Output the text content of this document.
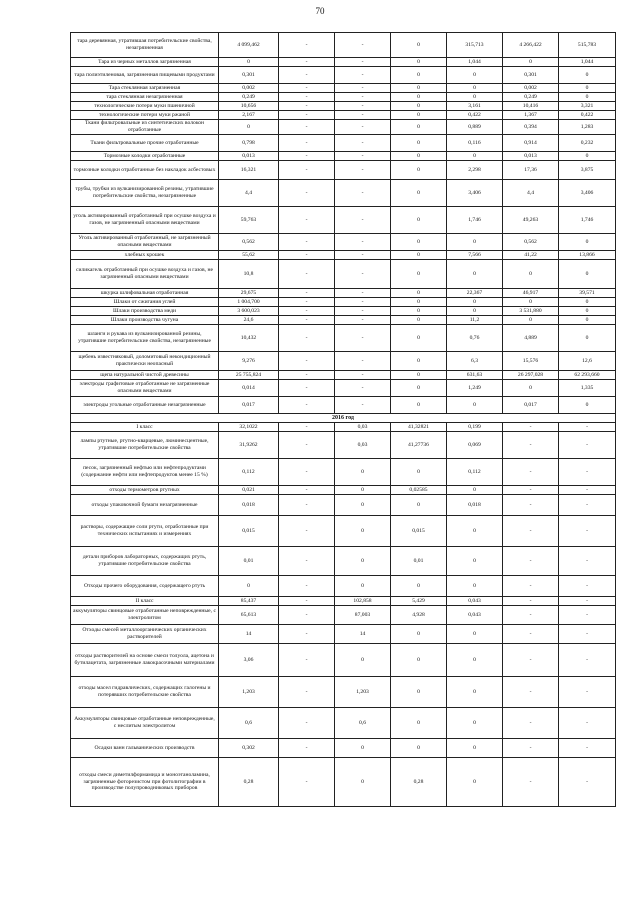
70
тара деревянная, утратившая потребительские свойства, незагрязненная	4 099,462	-	-	0	315,713	4 266,422	515,783
Тара из черных металлов загрязненная	0	-	-	0	1,044	0	1,044
тара полиэтиленовая, загрязненная пищевыми продуктами	0,301	-	-	0	0	0,301	0
Тара стеклянная загрязненная	0,002	-	-	0	0	0,002	0
тара стеклянная незагрязненная	0,249	-	-	0	0	0,249	0
технологические потери муки пшеничной	10,656	-	-	0	3,161	10,416	3,321
технологические потери муки ржаной	2,167	-	-	0	0,422	1,367	0,422
Ткани фильтровальные из синтетических волокон отработанные	0	-	-	0	0,889	0,394	1,283
Ткани фильтровальные прочие отработанные	0,798	-	-	0	0,116	0,914	0,232
Тормозные колодки отработанные	0,013	-	-	0	0	0,013	0
тормозные колодки отработанные без накладок асбестовых	16,321	-	-	0	2,298	17,36	3,875
трубы, трубки из вулканизированной резины, утратившие потребительские свойства, незагрязненные	4,4	-	-	0	3,406	4,4	3,406
уголь активированный отработанный при осушке воздуха и газов, не загрязненный опасными веществами	59,763	-	-	0	1,746	49,263	1,746
Уголь активированный отработанный, не загрязненный опасными веществами	0,562	-	-	0	0	0,562	0
хлебных крошек	55,62	-	-	0	7,566	41,22	13,866
силикагель отработанный при осушке воздуха и газов, не загрязненный опасными веществами	10,8	-	-	0	0	0	0
шкурка шлифовальная отработанная	29,675	-	-	0	22,367	46,917	39,571
Шлаки от сжигания углей	1 004,700	-	-	0	0	0	0
Шлаки производства меди	3 600,023	-	-	0	0	3 531,880	0
Шлаки производства чугуна	24,6	-	-	0	11,2	0	0
шланги и рукава из вулканизированной резины, утратившие потребительские свойства, незагрязненные	10,432	-	-	0	0,76	4,889	0
щебень известняковый, доломитовый некондиционный практически неопасный	9,276	-	-	0	6,3	15,576	12,6
щепа натуральной чистой древесины	25 755,824	-	-	0	631,63	26 297,028	62 293,660
электроды графитовые отработанные не загрязненные опасными веществами	0,014	-	-	0	1,249	0	1,335
электроды угольные отработанные незагрязненные	0,017	-	-	0	0	0,017	0
2016 год							
I класс	32,1022	-	0,03	41,32821	0,199	-	-
лампы ртутные, ртутно-кварцевые, люминесцентные, утратившие потребительские свойства	31,9262	-	0,03	41,27736	0,069	-	-
песок, загрязненный нефтью или нефтепродуктами (содержание нефти или нефтепродуктов менее 15 %)	0,112	-	0	0	0,112	-	-
отходы термометров ртутных	0,021	-	0	0,02585	0	-	-
отходы упаковочной бумаги незагрязненные	0,018	-	0	0	0,018	-	-
растворы, содержащие соли ртути, отработанные при технических испытаниях и измерениях	0,015	-	0	0,015	0	-	-
детали приборов лабораторных, содержащих ртуть, утратившие потребительские свойства	0,01	-	0	0,01	0	-	-
Отходы прочего оборудования, содержащего ртуть	0	-	0	0	0	-	-
II класс	85,437	-	102,858	5,429	0,043	-	-
аккумуляторы свинцовые отработанные неповрежденные, с электролитом	65,613	-	87,003	4,928	0,043	-	-
Отходы смесей металлоорганических органических растворителей	14	-	14	0	0	-	-
отходы растворителей на основе смеси толуола, ацетона и бутилацетата, загрязненные лакокрасочными материалами	3,06	-	0	0	0	-	-
отходы масел гидравлических, содержащих галогены и потерявших потребительские свойства	1,203	-	1,203	0	0	-	-
Аккумуляторы свинцовые отработанные неповрежденные, с неслитым электролитом	0,6	-	0,6	0	0	-	-
Осадки ванн гальванических производств	0,302	-	0	0	0	-	-
отходы смеси диметилформамида и моноэтаноламина, загрязненные фоторезистом при фотолитографии в производстве полупроводниковых приборов	0,28	-	0	0,28	0	-	-
